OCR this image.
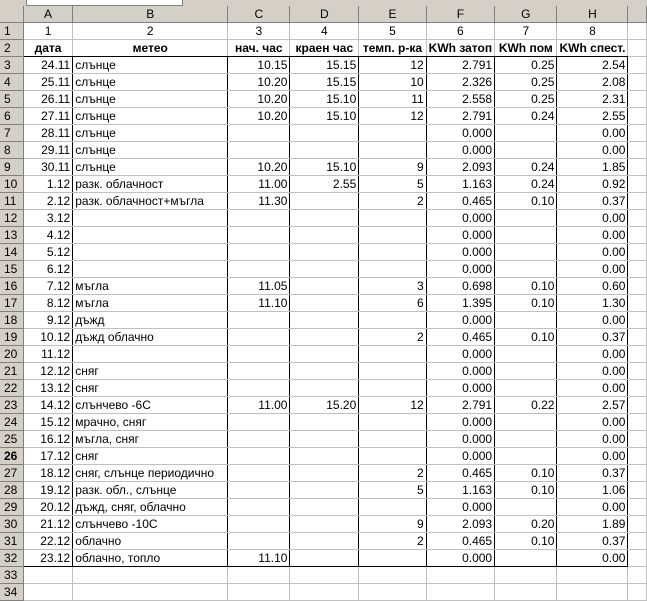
	A	B	C	D	E	F	G	H	
1	1	2	3	4	5	6	7	8	
2	дата	метео	нач. час	краен час	темп. р-ка	KWh затоп	KWh пом	KWh спест.	
3	24.11	слънце	10.15	15.15	12	2.791	0.25	2.54	
4	25.11	слънце	10.20	15.15	10	2.326	0.25	2.08	
5	26.11	слънце	10.20	15.10	11	2.558	0.25	2.31	
6	27.11	слънце	10.20	15.10	12	2.791	0.24	2.55	
7	28.11	слънце				0.000		0.00	
8	29.11	слънце				0.000		0.00	
9	30.11	слънце	10.20	15.10	9	2.093	0.24	1.85	
10	1.12	разк. облачност	11.00	2.55	5	1.163	0.24	0.92	
11	2.12	разк. облачност+мъгла	11.30		2	0.465	0.10	0.37	
12	3.12					0.000		0.00	
13	4.12					0.000		0.00	
14	5.12					0.000		0.00	
15	6.12					0.000		0.00	
16	7.12	мъгла	11.05		3	0.698	0.10	0.60	
17	8.12	мъгла	11.10		6	1.395	0.10	1.30	
18	9.12	дъжд				0.000		0.00	
19	10.12	дъжд облачно			2	0.465	0.10	0.37	
20	11.12					0.000		0.00	
21	12.12	сняг				0.000		0.00	
22	13.12	сняг				0.000		0.00	
23	14.12	слънчево -6С	11.00	15.20	12	2.791	0.22	2.57	
24	15.12	мрачно, сняг				0.000		0.00	
25	16.12	мъгла, сняг				0.000		0.00	
26	17.12	сняг				0.000		0.00	
27	18.12	сняг, слънце периодично			2	0.465	0.10	0.37	
28	19.12	разк. обл., слънце			5	1.163	0.10	1.06	
29	20.12	дъжд, сняг, облачно				0.000		0.00	
30	21.12	слънчево -10С			9	2.093	0.20	1.89	
31	22.12	облачно			2	0.465	0.10	0.37	
32	23.12	облачно, топло	11.10			0.000		0.00	
33									
34									
